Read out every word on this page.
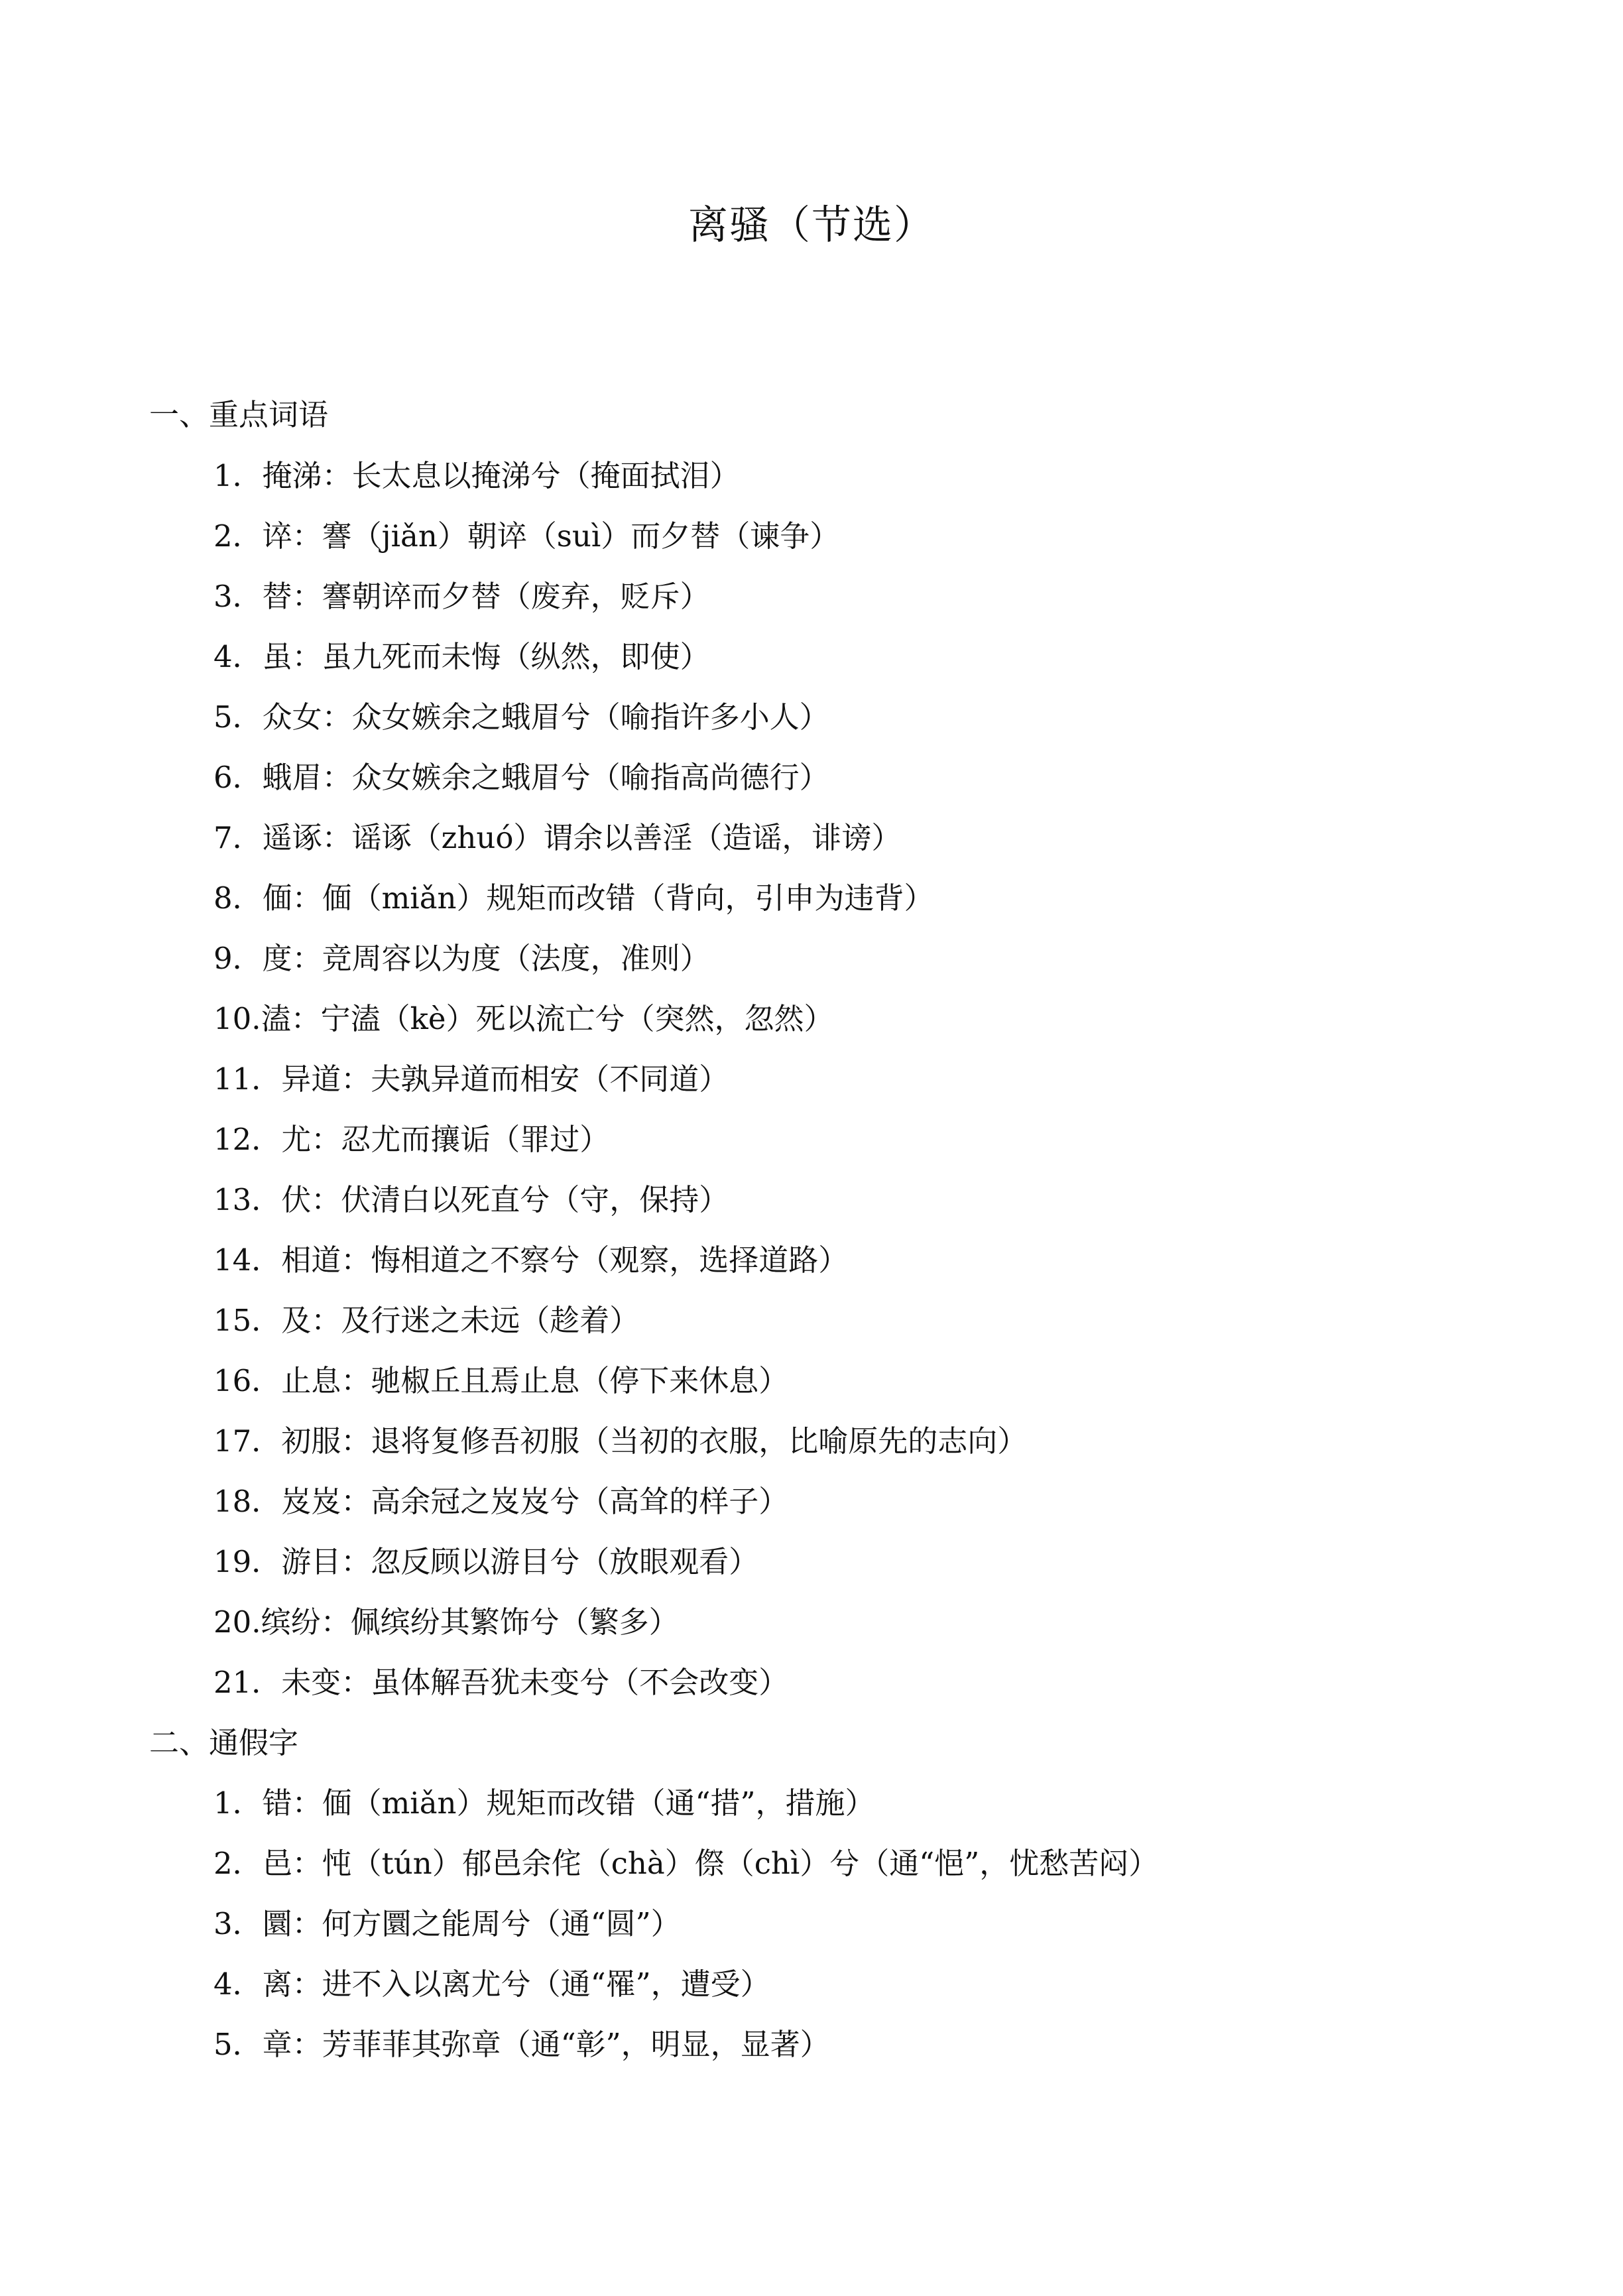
离骚（节选）
一、重点词语
1．掩涕：长太息以掩涕兮（掩面拭泪）
2．谇：謇（jiǎn）朝谇（suì）而夕替（谏争）
3．替：謇朝谇而夕替（废弃，贬斥）
4．虽：虽九死而未悔（纵然，即使）
5．众女：众女嫉余之蛾眉兮（喻指许多小人）
6．蛾眉：众女嫉余之蛾眉兮（喻指高尚德行）
7．遥诼：谣诼（zhuó）谓余以善淫（造谣，诽谤）
8．偭：偭（miǎn）规矩而改错（背向，引申为违背）
9．度：竞周容以为度（法度，准则）
10.溘：宁溘（kè）死以流亡兮（突然，忽然）
11．异道：夫孰异道而相安（不同道）
12．尤：忍尤而攘诟（罪过）
13．伏：伏清白以死直兮（守，保持）
14．相道：悔相道之不察兮（观察，选择道路）
15．及：及行迷之未远（趁着）
16．止息：驰椒丘且焉止息（停下来休息）
17．初服：退将复修吾初服（当初的衣服，比喻原先的志向）
18．岌岌：高余冠之岌岌兮（高耸的样子）
19．游目：忽反顾以游目兮（放眼观看）
20.缤纷：佩缤纷其繁饰兮（繁多）
21．未变：虽体解吾犹未变兮（不会改变）
二、通假字
1．错：偭（miǎn）规矩而改错（通“措”，措施）
2．邑：忳（tún）郁邑余侘（chà）傺（chì）兮（通“悒”，忧愁苦闷）
3．圜：何方圜之能周兮（通“圆”）
4．离：进不入以离尤兮（通“罹”，遭受）
5．章：芳菲菲其弥章（通“彰”，明显，显著）
